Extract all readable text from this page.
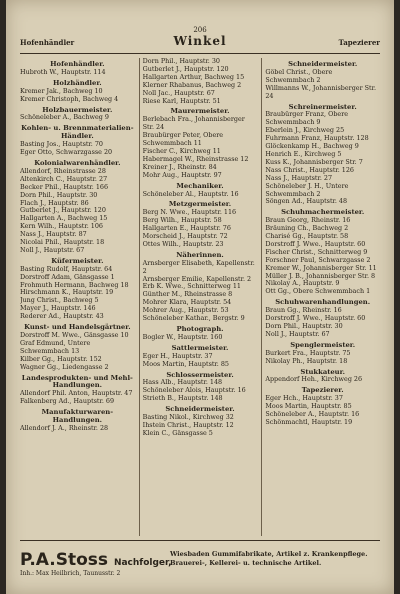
206
Hofenhändler	Winkel	Tapezierer
Hofenhändler.
Hubroth W., Hauptstr. 114
Holzhändler.
Kremer Jak., Bachweg 10
Kremer Christoph, Bachweg 4
Holzbauermeister.
Schöneleber A., Bachweg 9
Kohlen- u. Brennmaterialien-
Händler.
Basting Jos., Hauptstr. 70
Eger Otto, Schwarzgasse 20
Kolonialwarenhändler.
Allendorf, Rheinstrasse 28
Altenkirch C., Hauptstr. 27
Becker Phil., Hauptstr. 166
Dorn Phil., Hauptstr. 30
Flach J., Hauptstr. 86
Gutberlet J., Hauptstr. 120
Hallgarten A., Bachweg 15
Kern Wilh., Hauptstr. 106
Nass J., Hauptstr. 87
Nicolai Phil., Hauptstr. 18
Noll J., Hauptstr. 67
Küfermeister.
Basting Rudolf, Hauptstr. 64
Dorstroff Adam, Gänsgasse 1
Frohmuth Hermann, Bachweg 18
Hirschmann K., Hauptstr. 19
Jung Christ., Bachweg 5
Mayer J., Hauptstr. 146
Rederer Ad., Hauptstr. 43
Kunst- und Handelsgärtner.
Dorstroff M. Wwe., Gänsgasse 10
Graf Edmund, Untere Schwemmbach 13
Kilber Gg., Hauptstr. 152
Wagner Gg., Liedengasse 2
Landesprodukten- und Mehl-
Handlungen.
Allendorf Phil. Anton, Hauptstr. 47
Falkenberg Ad., Hauptstr. 69
Manufakturwaren-
Handlungen.
Allendorf J. A., Rheinstr. 28
Dorn Phil., Hauptstr. 30
Gutberlet J., Hauptstr. 120
Hallgarten Arthur, Bachweg 15
Klerner Rhabanus, Bachweg 2
Noll Jac., Hauptstr. 67
Riese Karl, Hauptstr. 51
Maurermeister.
Berlebach Fra., Johannisberger Str. 24
Braubürger Peter, Obere Schwemmbach 11
Fischer C., Kirchweg 11
Habermagel W., Rheinstrasse 12
Kreiner J., Rheinstr. 84
Mohr Aug., Hauptstr. 97
Mechaniker.
Schöneleber Al., Hauptstr. 16
Metzgermeister.
Berg N. Wwe., Hauptstr. 116
Berg Wilh., Hauptstr. 58
Hallgarten E., Hauptstr. 76
Morscheid J., Hauptstr. 72
Ottes Wilh., Hauptstr. 23
Näherinnen.
Arnsberger Elisabeth, Kapellenstr. 2
Arnsberger Emilie, Kapellenstr. 2
Erb K. Wwe., Schnitterweg 11
Günther M., Rheinstrasse 8
Mohrer Klara, Hauptstr. 54
Mohrer Aug., Hauptstr. 53
Schöneleber Kathar., Bergstr. 9
Photograph.
Bogler W., Hauptstr. 160
Sattlermeister.
Eger H., Hauptstr. 37
Moos Martin, Hauptstr. 85
Schlossermeister.
Hass Alb., Hauptstr. 148
Schöneleber Alois, Hauptstr. 16
Strieth B., Hauptstr. 148
Schneidermeister.
Basting Nikol., Kirchweg 32
Ihstein Christ., Hauptstr. 12
Klein C., Gänsgasse 5
Schneidermeister.
Göbel Christ., Obere Schwemmbach 2
Willmanns W., Johannisberger Str. 24
Schreinermeister.
Braubürger Franz, Obere Schwemmbach 9
Eberlein J., Kirchweg 25
Fuhrmann Franz, Hauptstr. 128
Glöckenkamp H., Bachweg 9
Henrich E., Kirchweg 5
Kuss K., Johannisberger Str. 7
Nass Christ., Hauptstr. 126
Nass J., Hauptstr. 27
Schöneleber J. H., Untere Schwemmbach 2
Söngen Ad., Hauptstr. 48
Schuhmachermeister.
Braun Georg, Rheinstr. 16
Bräuning Ch., Bachweg 2
Charisé Gg., Hauptstr. 58
Dorstroff J. Wwe., Hauptstr. 60
Fischer Christ., Schnitterweg 9
Forschner Paul, Schwarzgasse 2
Kremer W., Johannisberger Str. 11
Müller J. B., Johannisberger Str. 8
Nikolay A., Hauptstr. 9
Ott Gg., Obere Schwemmbach 1
Schuhwarenhandlungen.
Braun Gg., Rheinstr. 16
Dorstroff J. Wwe., Hauptstr. 60
Dorn Phil., Hauptstr. 30
Noll J., Hauptstr. 67
Spenglermeister.
Burkert Fra., Hauptstr. 75
Nikolay Ph., Hauptstr. 18
Stukkateur.
Appendorf Heh., Kirchweg 26
Tapezierer.
Eger Hch., Hauptstr. 37
Moos Martin, Hauptstr. 85
Schöneleber A., Hauptstr. 16
Schönmachtl, Hauptstr. 19
P.A.Stoss Nachfolger,
Inh.: Max Heilbrich, Taunusstr. 2
Wiesbaden Gummifabrikate, Artikel z. Krankenpflege. Brauerei-, Kellerei- u. technische Artikel.
